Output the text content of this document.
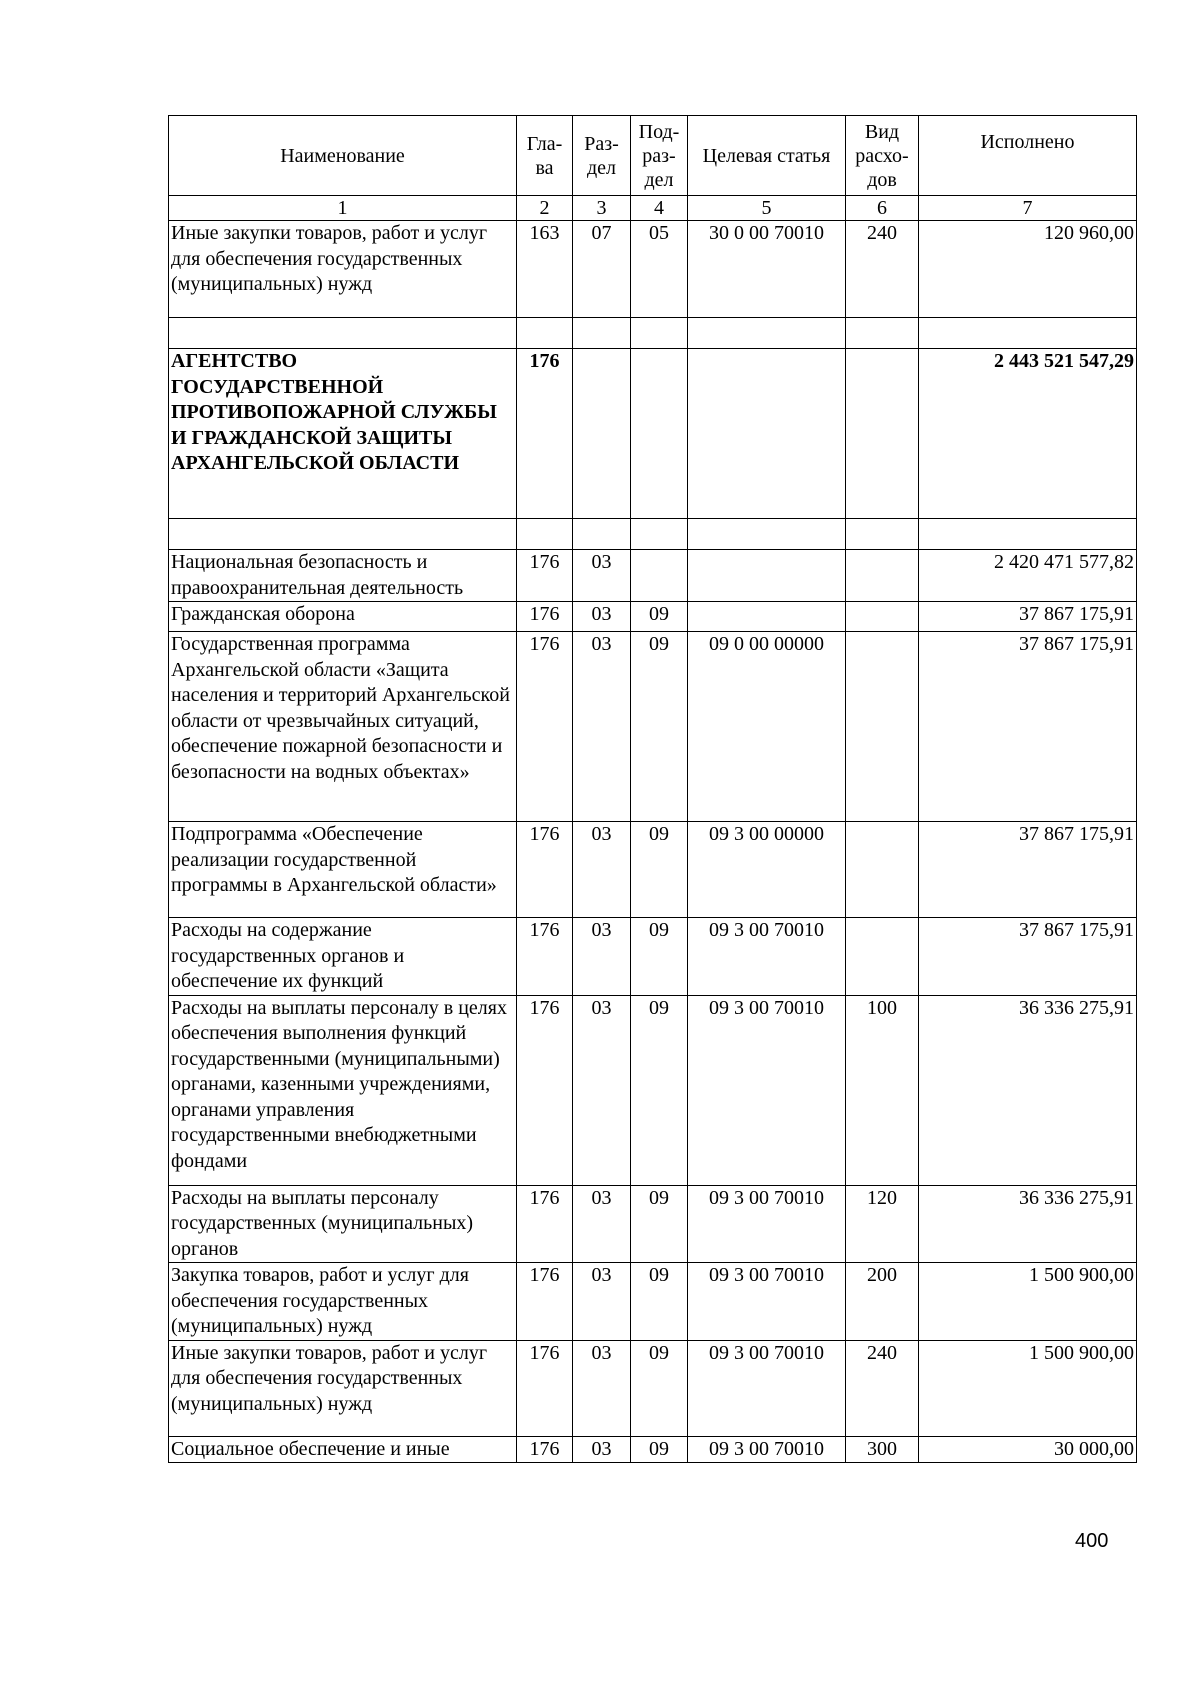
Наименование	Гла-ва	Раз-дел	Под-раз-дел	Целевая статья	Вид расхо-дов	Исполнено
1	2	3	4	5	6	7
Иные закупки товаров, работ и услуг для обеспечения государственных (муниципальных) нужд	163	07	05	30 0 00 70010	240	120 960,00

АГЕНТСТВО ГОСУДАРСТВЕННОЙ ПРОТИВОПОЖАРНОЙ СЛУЖБЫ И ГРАЖДАНСКОЙ ЗАЩИТЫ АРХАНГЕЛЬСКОЙ ОБЛАСТИ	176					2 443 521 547,29

Национальная безопасность и правоохранительная деятельность	176	03				2 420 471 577,82
Гражданская оборона	176	03	09			37 867 175,91
Государственная программа Архангельской области «Защита населения и территорий Архангельской области от чрезвычайных ситуаций, обеспечение пожарной безопасности и безопасности на водных объектах»	176	03	09	09 0 00 00000		37 867 175,91
Подпрограмма «Обеспечение реализации государственной программы в Архангельской области»	176	03	09	09 3 00 00000		37 867 175,91
Расходы на содержание государственных органов и обеспечение их функций	176	03	09	09 3 00 70010		37 867 175,91
Расходы на выплаты персоналу в целях обеспечения выполнения функций государственными (муниципальными) органами, казенными учреждениями, органами управления государственными внебюджетными фондами	176	03	09	09 3 00 70010	100	36 336 275,91
Расходы на выплаты персоналу государственных (муниципальных) органов	176	03	09	09 3 00 70010	120	36 336 275,91
Закупка товаров, работ и услуг для обеспечения государственных (муниципальных) нужд	176	03	09	09 3 00 70010	200	1 500 900,00
Иные закупки товаров, работ и услуг для обеспечения государственных (муниципальных) нужд	176	03	09	09 3 00 70010	240	1 500 900,00
Социальное обеспечение и иные	176	03	09	09 3 00 70010	300	30 000,00
400
